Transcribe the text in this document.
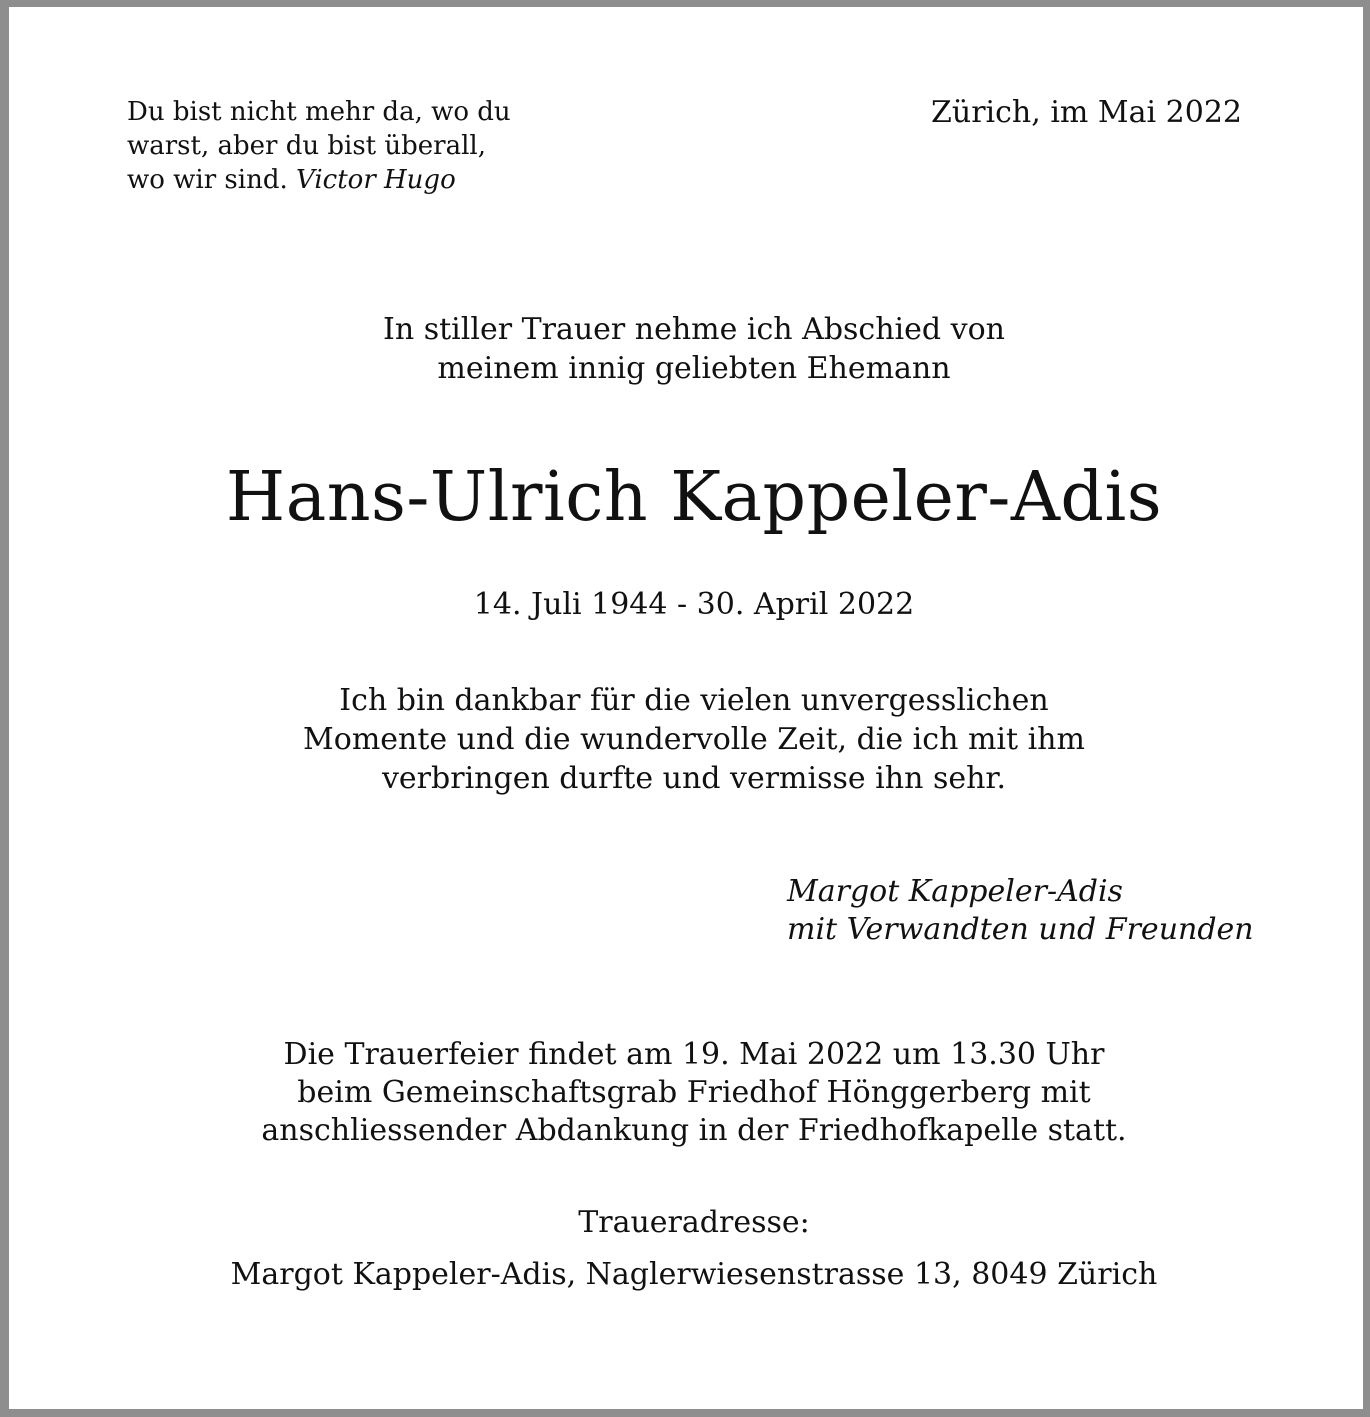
Du bist nicht mehr da, wo du
warst, aber du bist überall,
wo wir sind. Victor Hugo
Zürich, im Mai 2022
In stiller Trauer nehme ich Abschied von
meinem innig geliebten Ehemann
Hans-Ulrich Kappeler-Adis
14. Juli 1944 - 30. April 2022
Ich bin dankbar für die vielen unvergesslichen
Momente und die wundervolle Zeit, die ich mit ihm
verbringen durfte und vermisse ihn sehr.
Margot Kappeler-Adis
mit Verwandten und Freunden
Die Trauerfeier findet am 19. Mai 2022 um 13.30 Uhr
beim Gemeinschaftsgrab Friedhof Hönggerberg mit
anschliessender Abdankung in der Friedhofkapelle statt.
Traueradresse:
Margot Kappeler-Adis, Naglerwiesenstrasse 13, 8049 Zürich
